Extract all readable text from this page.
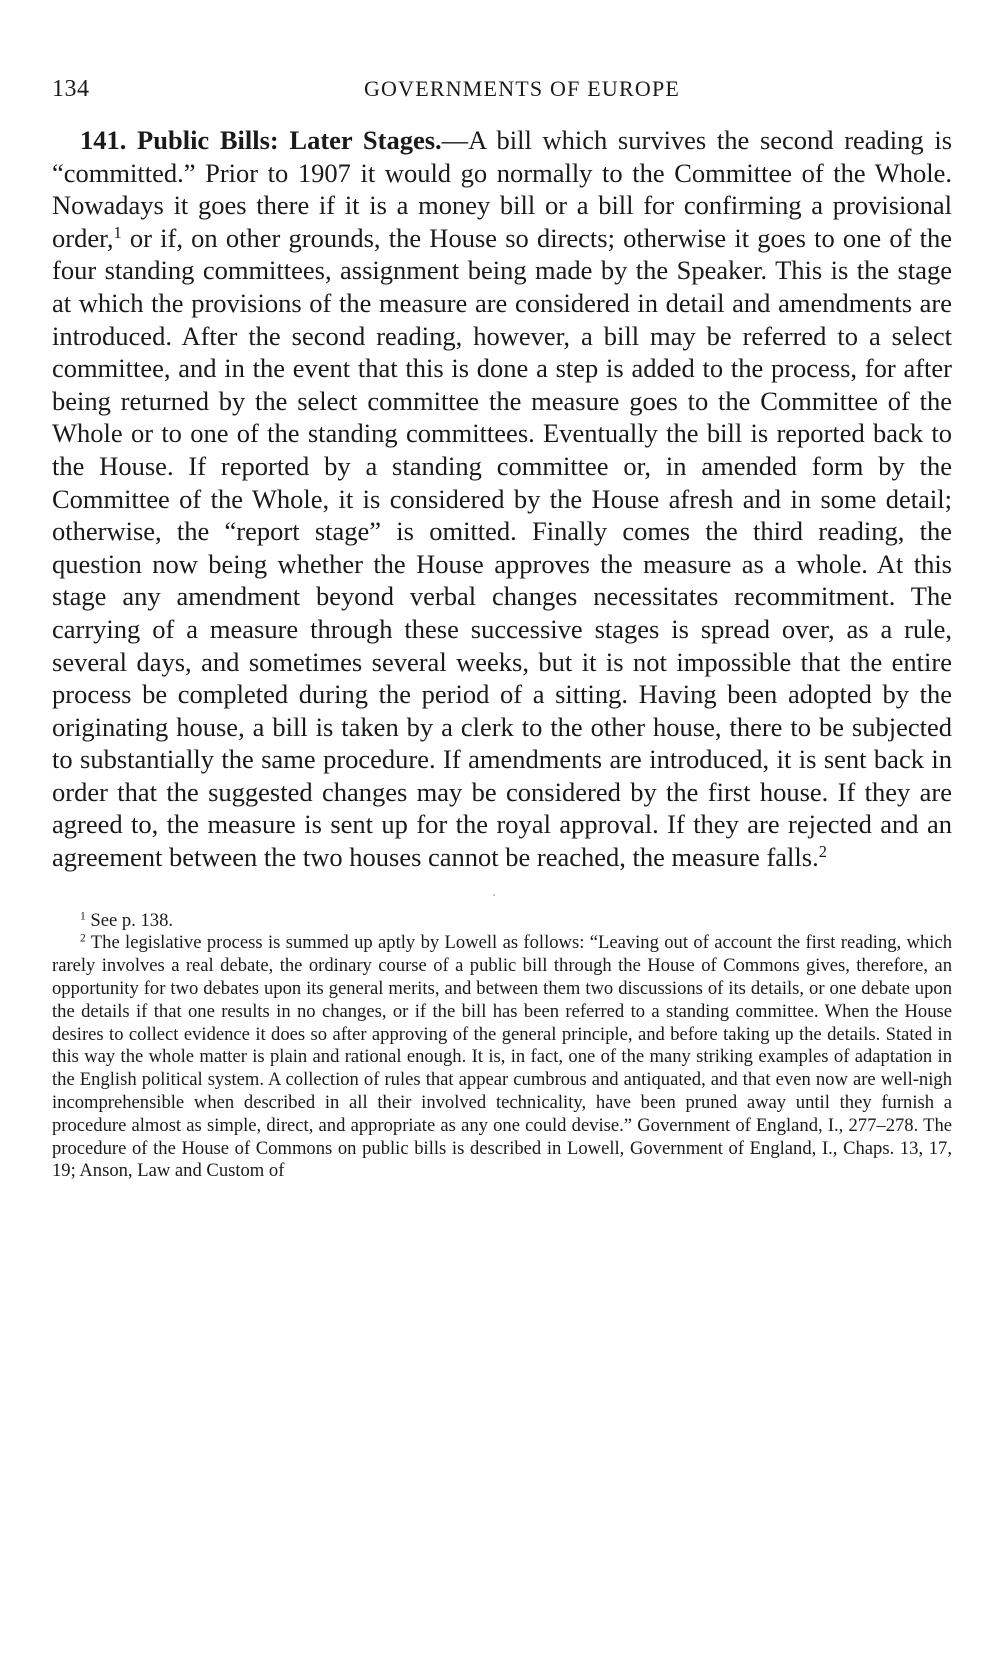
134	GOVERNMENTS OF EUROPE

141. Public Bills: Later Stages.—A bill which survives the second reading is “committed.” Prior to 1907 it would go normally to the Committee of the Whole. Nowadays it goes there if it is a money bill or a bill for confirming a provisional order,$^1$ or if, on other grounds, the House so directs; otherwise it goes to one of the four standing committees, assignment being made by the Speaker. This is the stage at which the provisions of the measure are considered in detail and amendments are introduced. After the second reading, however, a bill may be referred to a select committee, and in the event that this is done a step is added to the process, for after being returned by the select committee the measure goes to the Committee of the Whole or to one of the standing committees. Eventually the bill is reported back to the House. If reported by a standing committee or, in amended form by the Committee of the Whole, it is considered by the House afresh and in some detail; otherwise, the “report stage” is omitted. Finally comes the third reading, the question now being whether the House approves the measure as a whole. At this stage any amendment beyond verbal changes necessitates recommitment. The carrying of a measure through these successive stages is spread over, as a rule, several days, and sometimes several weeks, but it is not impossible that the entire process be completed during the period of a sitting. Having been adopted by the originating house, a bill is taken by a clerk to the other house, there to be subjected to substantially the same procedure. If amendments are introduced, it is sent back in order that the suggested changes may be considered by the first house. If they are agreed to, the measure is sent up for the royal approval. If they are rejected and an agreement between the two houses cannot be reached, the measure falls.$^2$

$^1$ See p. 138.

$^2$ The legislative process is summed up aptly by Lowell as follows: “Leaving out of account the first reading, which rarely involves a real debate, the ordinary course of a public bill through the House of Commons gives, therefore, an opportunity for two debates upon its general merits, and between them two discussions of its details, or one debate upon the details if that one results in no changes, or if the bill has been referred to a standing committee. When the House desires to collect evidence it does so after approving of the general principle, and before taking up the details. Stated in this way the whole matter is plain and rational enough. It is, in fact, one of the many striking examples of adaptation in the English political system. A collection of rules that appear cumbrous and antiquated, and that even now are well-nigh incomprehensible when described in all their involved technicality, have been pruned away until they furnish a procedure almost as simple, direct, and appropriate as any one could devise.” Government of England, I., 277–278. The procedure of the House of Commons on public bills is described in Lowell, Government of England, I., Chaps. 13, 17, 19; Anson, Law and Custom of
